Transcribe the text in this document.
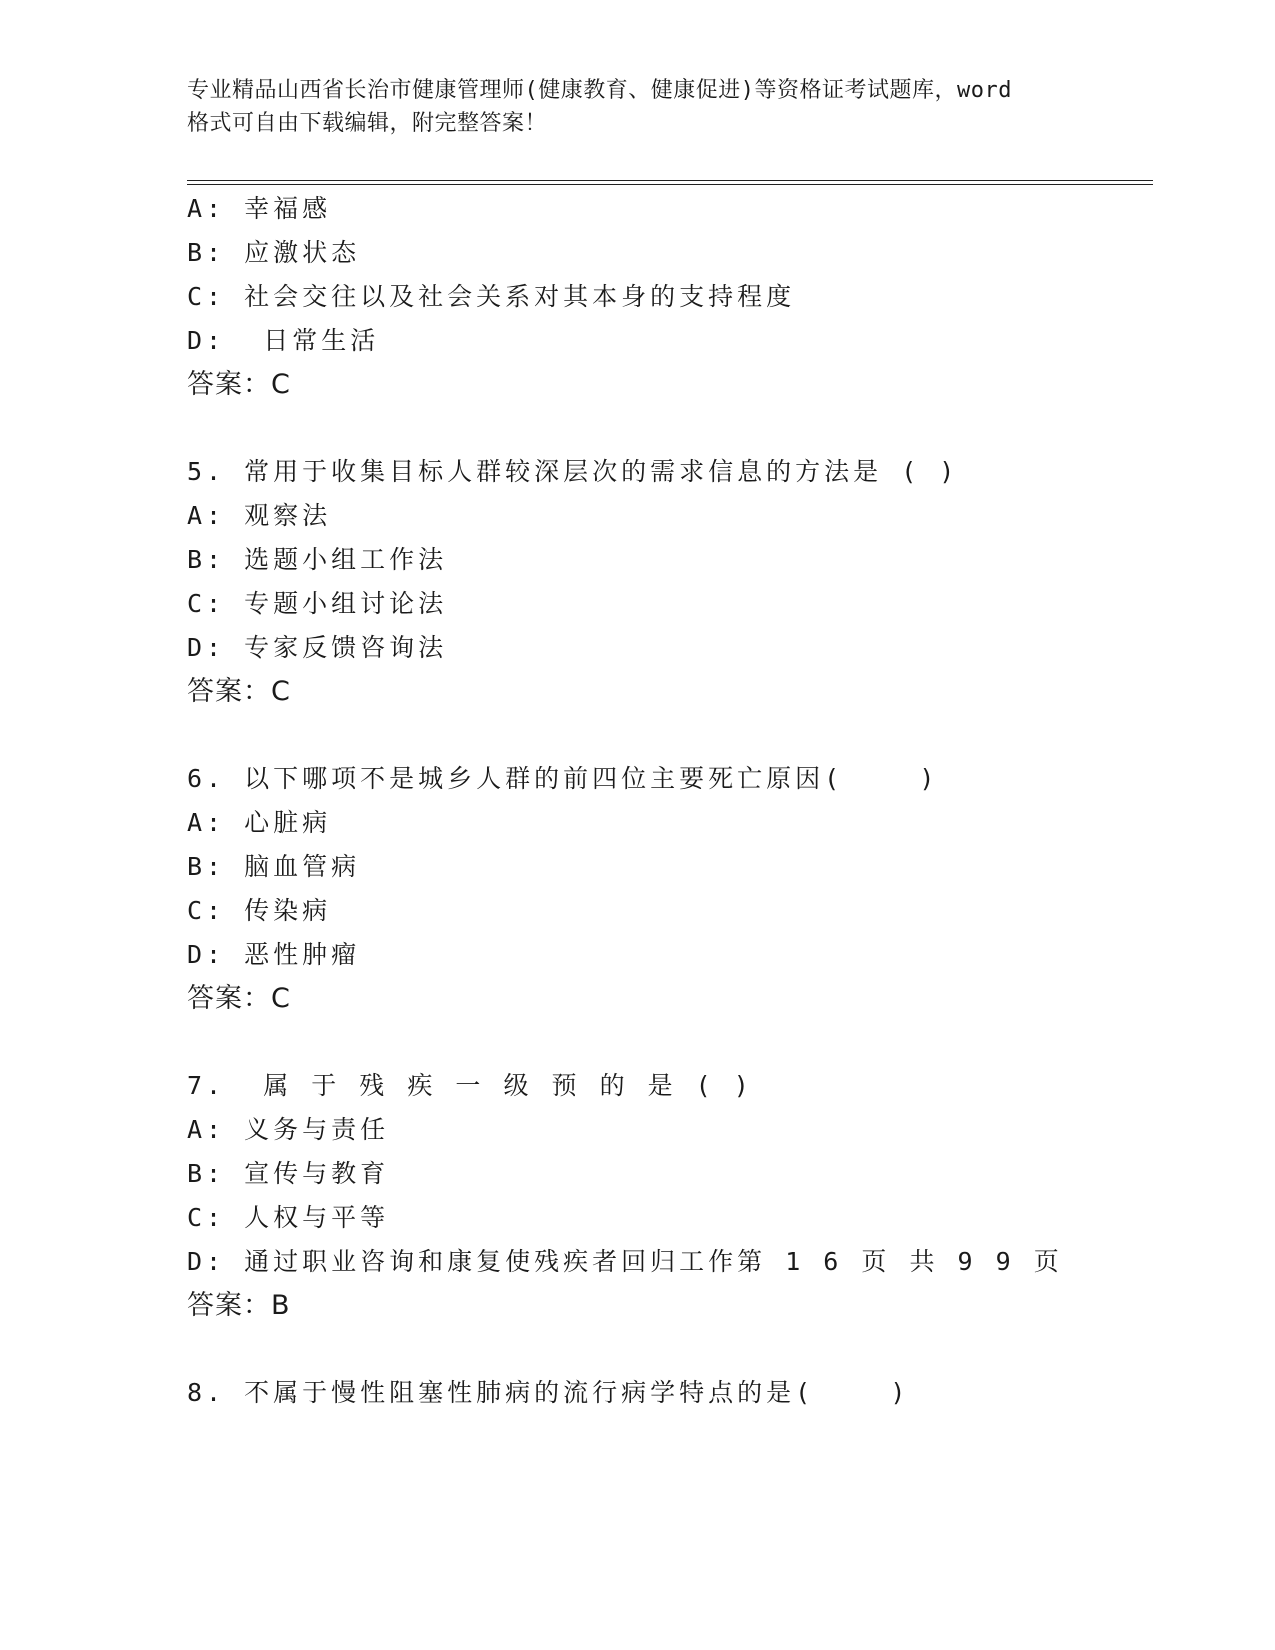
专业精品山西省长治市健康管理师(健康教育、健康促进)等资格证考试题库，word
格式可自由下载编辑，附完整答案！
A: 幸福感
B: 应激状态
C: 社会交往以及社会关系对其本身的支持程度
D:  日常生活
答案：C
5. 常用于收集目标人群较深层次的需求信息的方法是 ( )
A: 观察法
B: 选题小组工作法
C: 专题小组讨论法
D: 专家反馈咨询法
答案：C
6. 以下哪项不是城乡人群的前四位主要死亡原因(    )
A: 心脏病
B: 脑血管病
C: 传染病
D: 恶性肿瘤
答案：C
7.  属 于 残 疾 一 级 预 的 是 ( )
A: 义务与责任
B: 宣传与教育
C: 人权与平等
D: 通过职业咨询和康复使残疾者回归工作第 1 6 页 共 9 9 页
答案：B
8. 不属于慢性阻塞性肺病的流行病学特点的是(    )
